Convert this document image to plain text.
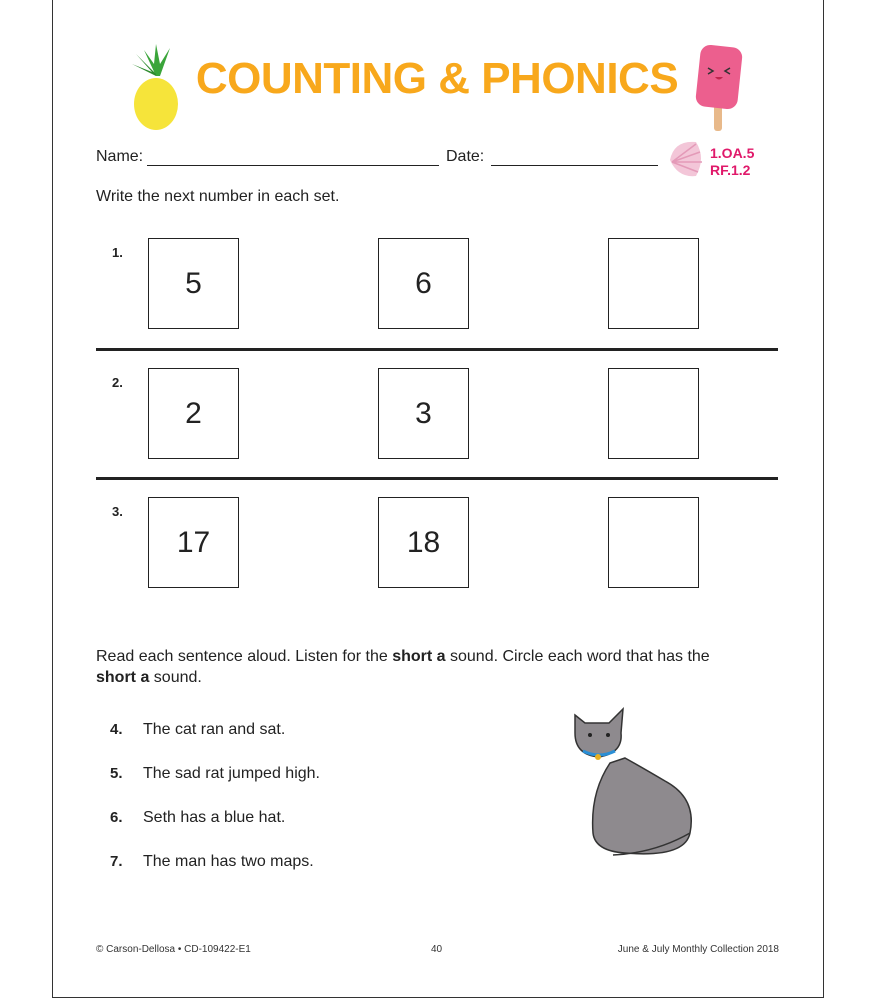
COUNTING & PHONICS
Name:	Date:	1.OA.5
RF.1.2
Write the next number in each set.
1.
5	6
2.
2	3
3.
17	18
Read each sentence aloud. Listen for the short a sound. Circle each word that has the
short a sound.
4. The cat ran and sat.
5. The sad rat jumped high.
6. Seth has a blue hat.
7. The man has two maps.
© Carson-Dellosa • CD-109422-E1	40	June & July Monthly Collection 2018
